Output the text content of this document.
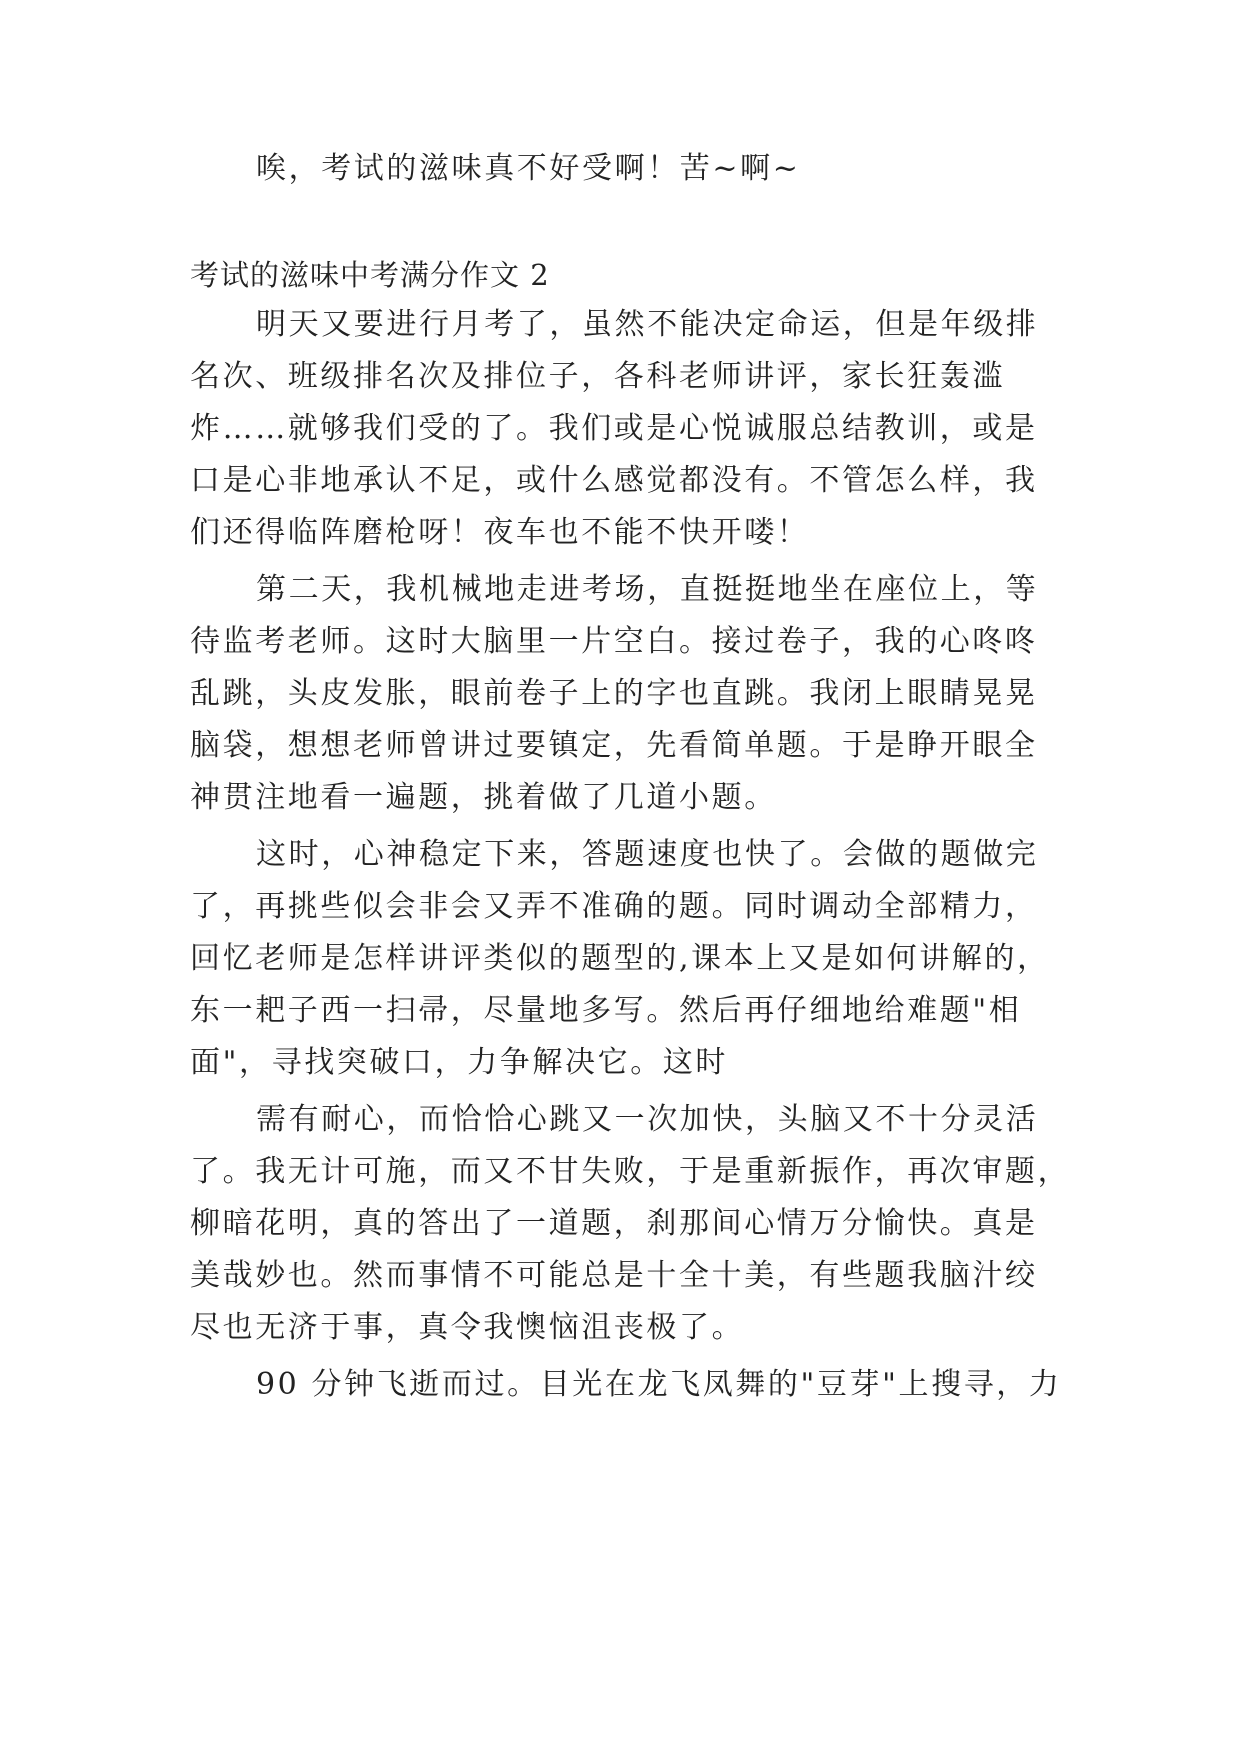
唉，考试的滋味真不好受啊！苦~啊~
考试的滋味中考满分作文 2
明天又要进行月考了，虽然不能决定命运，但是年级排
名次、班级排名次及排位子，各科老师讲评，家长狂轰滥
炸……就够我们受的了。我们或是心悦诚服总结教训，或是
口是心非地承认不足，或什么感觉都没有。不管怎么样，我
们还得临阵磨枪呀！夜车也不能不快开喽！
第二天，我机械地走进考场，直挺挺地坐在座位上，等
待监考老师。这时大脑里一片空白。接过卷子，我的心咚咚
乱跳，头皮发胀，眼前卷子上的字也直跳。我闭上眼睛晃晃
脑袋，想想老师曾讲过要镇定，先看简单题。于是睁开眼全
神贯注地看一遍题，挑着做了几道小题。
这时，心神稳定下来，答题速度也快了。会做的题做完
了，再挑些似会非会又弄不准确的题。同时调动全部精力，
回忆老师是怎样讲评类似的题型的,课本上又是如何讲解的，
东一耙子西一扫帚，尽量地多写。然后再仔细地给难题"相
面"，寻找突破口，力争解决它。这时
需有耐心，而恰恰心跳又一次加快，头脑又不十分灵活
了。我无计可施，而又不甘失败，于是重新振作，再次审题，
柳暗花明，真的答出了一道题，刹那间心情万分愉快。真是
美哉妙也。然而事情不可能总是十全十美，有些题我脑汁绞
尽也无济于事，真令我懊恼沮丧极了。
90 分钟飞逝而过。目光在龙飞凤舞的"豆芽"上搜寻，力
